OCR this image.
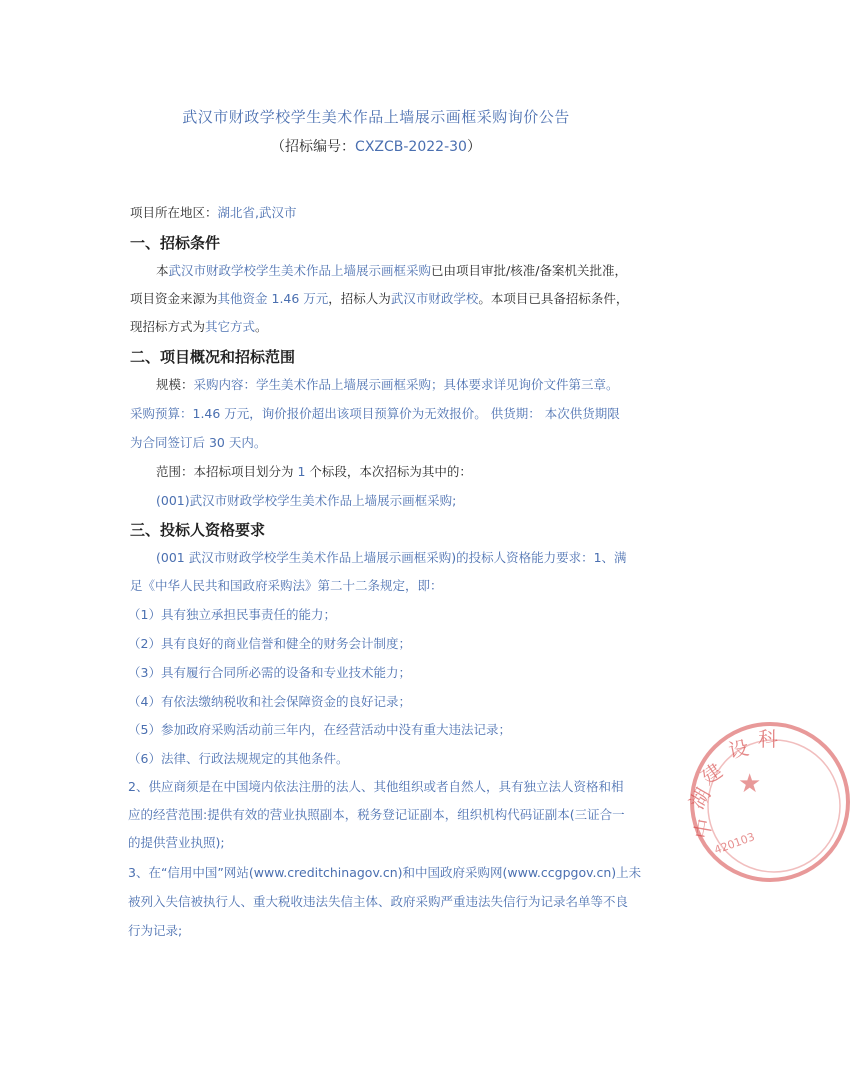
武汉市财政学校学生美术作品上墙展示画框采购询价公告
（招标编号：CXZCB-2022-30）
项目所在地区：湖北省,武汉市
一、招标条件
本武汉市财政学校学生美术作品上墙展示画框采购已由项目审批/核准/备案机关批准，
项目资金来源为其他资金 1.46 万元，招标人为武汉市财政学校。本项目已具备招标条件，
现招标方式为其它方式。
二、项目概况和招标范围
规模：采购内容：学生美术作品上墙展示画框采购；具体要求详见询价文件第三章。
采购预算：1.46 万元，询价报价超出该项目预算价为无效报价。 供货期： 本次供货期限
为合同签订后 30 天内。
范围：本招标项目划分为 1 个标段，本次招标为其中的：
(001)武汉市财政学校学生美术作品上墙展示画框采购;
三、投标人资格要求
(001 武汉市财政学校学生美术作品上墙展示画框采购)的投标人资格能力要求：1、满
足《中华人民共和国政府采购法》第二十二条规定，即：
（1）具有独立承担民事责任的能力；
（2）具有良好的商业信誉和健全的财务会计制度；
（3）具有履行合同所必需的设备和专业技术能力；
（4）有依法缴纳税收和社会保障资金的良好记录；
（5）参加政府采购活动前三年内，在经营活动中没有重大违法记录；
（6）法律、行政法规规定的其他条件。
2、供应商须是在中国境内依法注册的法人、其他组织或者自然人，具有独立法人资格和相
应的经营范围:提供有效的营业执照副本，税务登记证副本，组织机构代码证副本(三证合一
的提供营业执照);
3、在“信用中国”网站(www.creditchinagov.cn)和中国政府采购网(www.ccgpgov.cn)上未
被列入失信被执行人、重大税收违法失信主体、政府采购严重违法失信行为记录名单等不良
行为记录;
建
设
湖
中
科
420103
★
